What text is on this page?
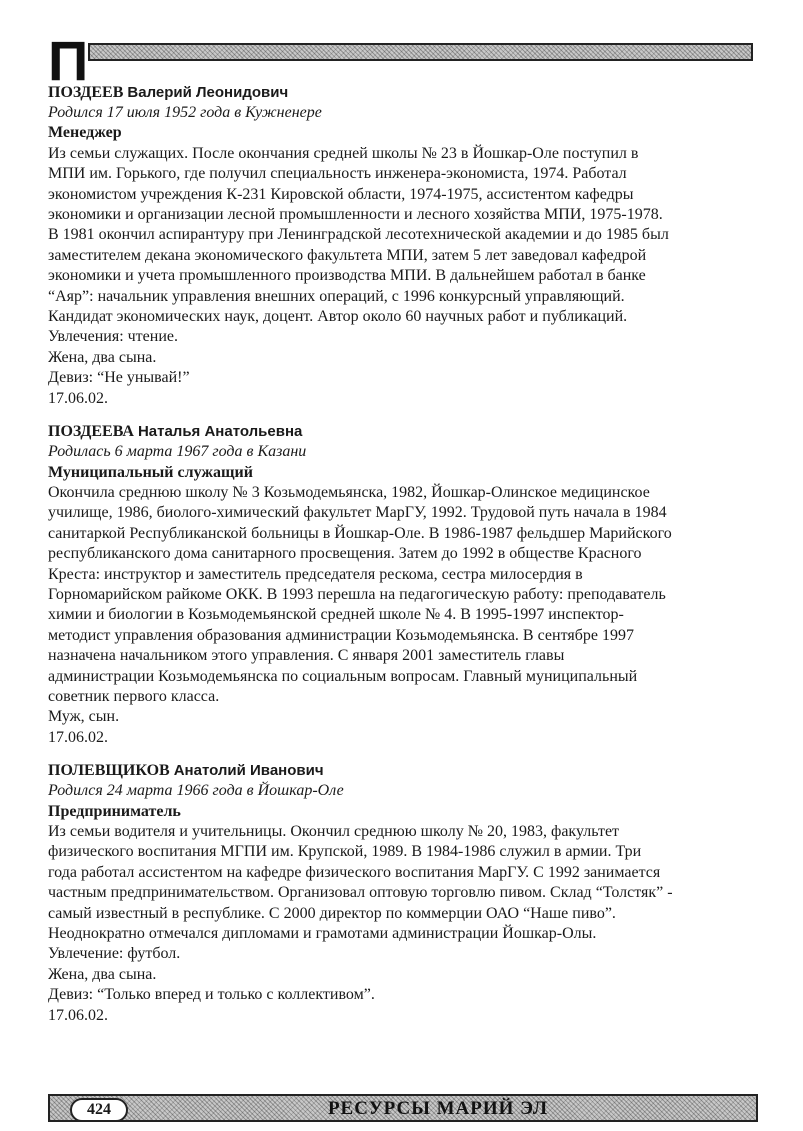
П

ПОЗДЕЕВ Валерий Леонидович

Родился 17 июля 1952 года в Кужненере

Менеджер

Из семьи служащих. После окончания средней школы № 23 в Йошкар-Оле поступил в

МПИ им. Горького, где получил специальность инженера-экономиста, 1974. Работал

экономистом учреждения К-231 Кировской области, 1974-1975, ассистентом кафедры

экономики и организации лесной промышленности и лесного хозяйства МПИ, 1975-1978.

В 1981 окончил аспирантуру при Ленинградской лесотехнической академии и до 1985 был

заместителем декана экономического факультета МПИ, затем 5 лет заведовал кафедрой

экономики и учета промышленного производства МПИ. В дальнейшем работал в банке

“Аяр”: начальник управления внешних операций, с 1996 конкурсный управляющий.

Кандидат экономических наук, доцент. Автор около 60 научных работ и публикаций.

Увлечения: чтение.

Жена, два сына.

Девиз: “Не унывай!”

17.06.02.

ПОЗДЕЕВА Наталья Анатольевна

Родилась 6 марта 1967 года в Казани

Муниципальный служащий

Окончила среднюю школу № 3 Козьмодемьянска, 1982, Йошкар-Олинское медицинское

училище, 1986, биолого-химический факультет МарГУ, 1992. Трудовой путь начала в 1984

санитаркой Республиканской больницы в Йошкар-Оле. В 1986-1987 фельдшер Марийского

республиканского дома санитарного просвещения. Затем до 1992 в обществе Красного

Креста: инструктор и заместитель председателя рескома, сестра милосердия в

Горномарийском райкоме ОКК. В 1993 перешла на педагогическую работу: преподаватель

химии и биологии в Козьмодемьянской средней школе № 4. В 1995-1997 инспектор-

методист управления образования администрации Козьмодемьянска. В сентябре 1997

назначена начальником этого управления. С января 2001 заместитель главы

администрации Козьмодемьянска по социальным вопросам. Главный муниципальный

советник первого класса.

Муж, сын.

17.06.02.

ПОЛЕВЩИКОВ Анатолий Иванович

Родился 24 марта 1966 года в Йошкар-Оле

Предприниматель

Из семьи водителя и учительницы. Окончил среднюю школу № 20, 1983, факультет

физического воспитания МГПИ им. Крупской, 1989. В 1984-1986 служил в армии. Три

года работал ассистентом на кафедре физического воспитания МарГУ. С 1992 занимается

частным предпринимательством. Организовал оптовую торговлю пивом. Склад “Толстяк” -

самый известный в республике. С 2000 директор по коммерции ОАО “Наше пиво”.

Неоднократно отмечался дипломами и грамотами администрации Йошкар-Олы.

Увлечение: футбол.

Жена, два сына.

Девиз: “Только вперед и только с коллективом”.

17.06.02.

424	РЕСУРСЫ МАРИЙ ЭЛ
